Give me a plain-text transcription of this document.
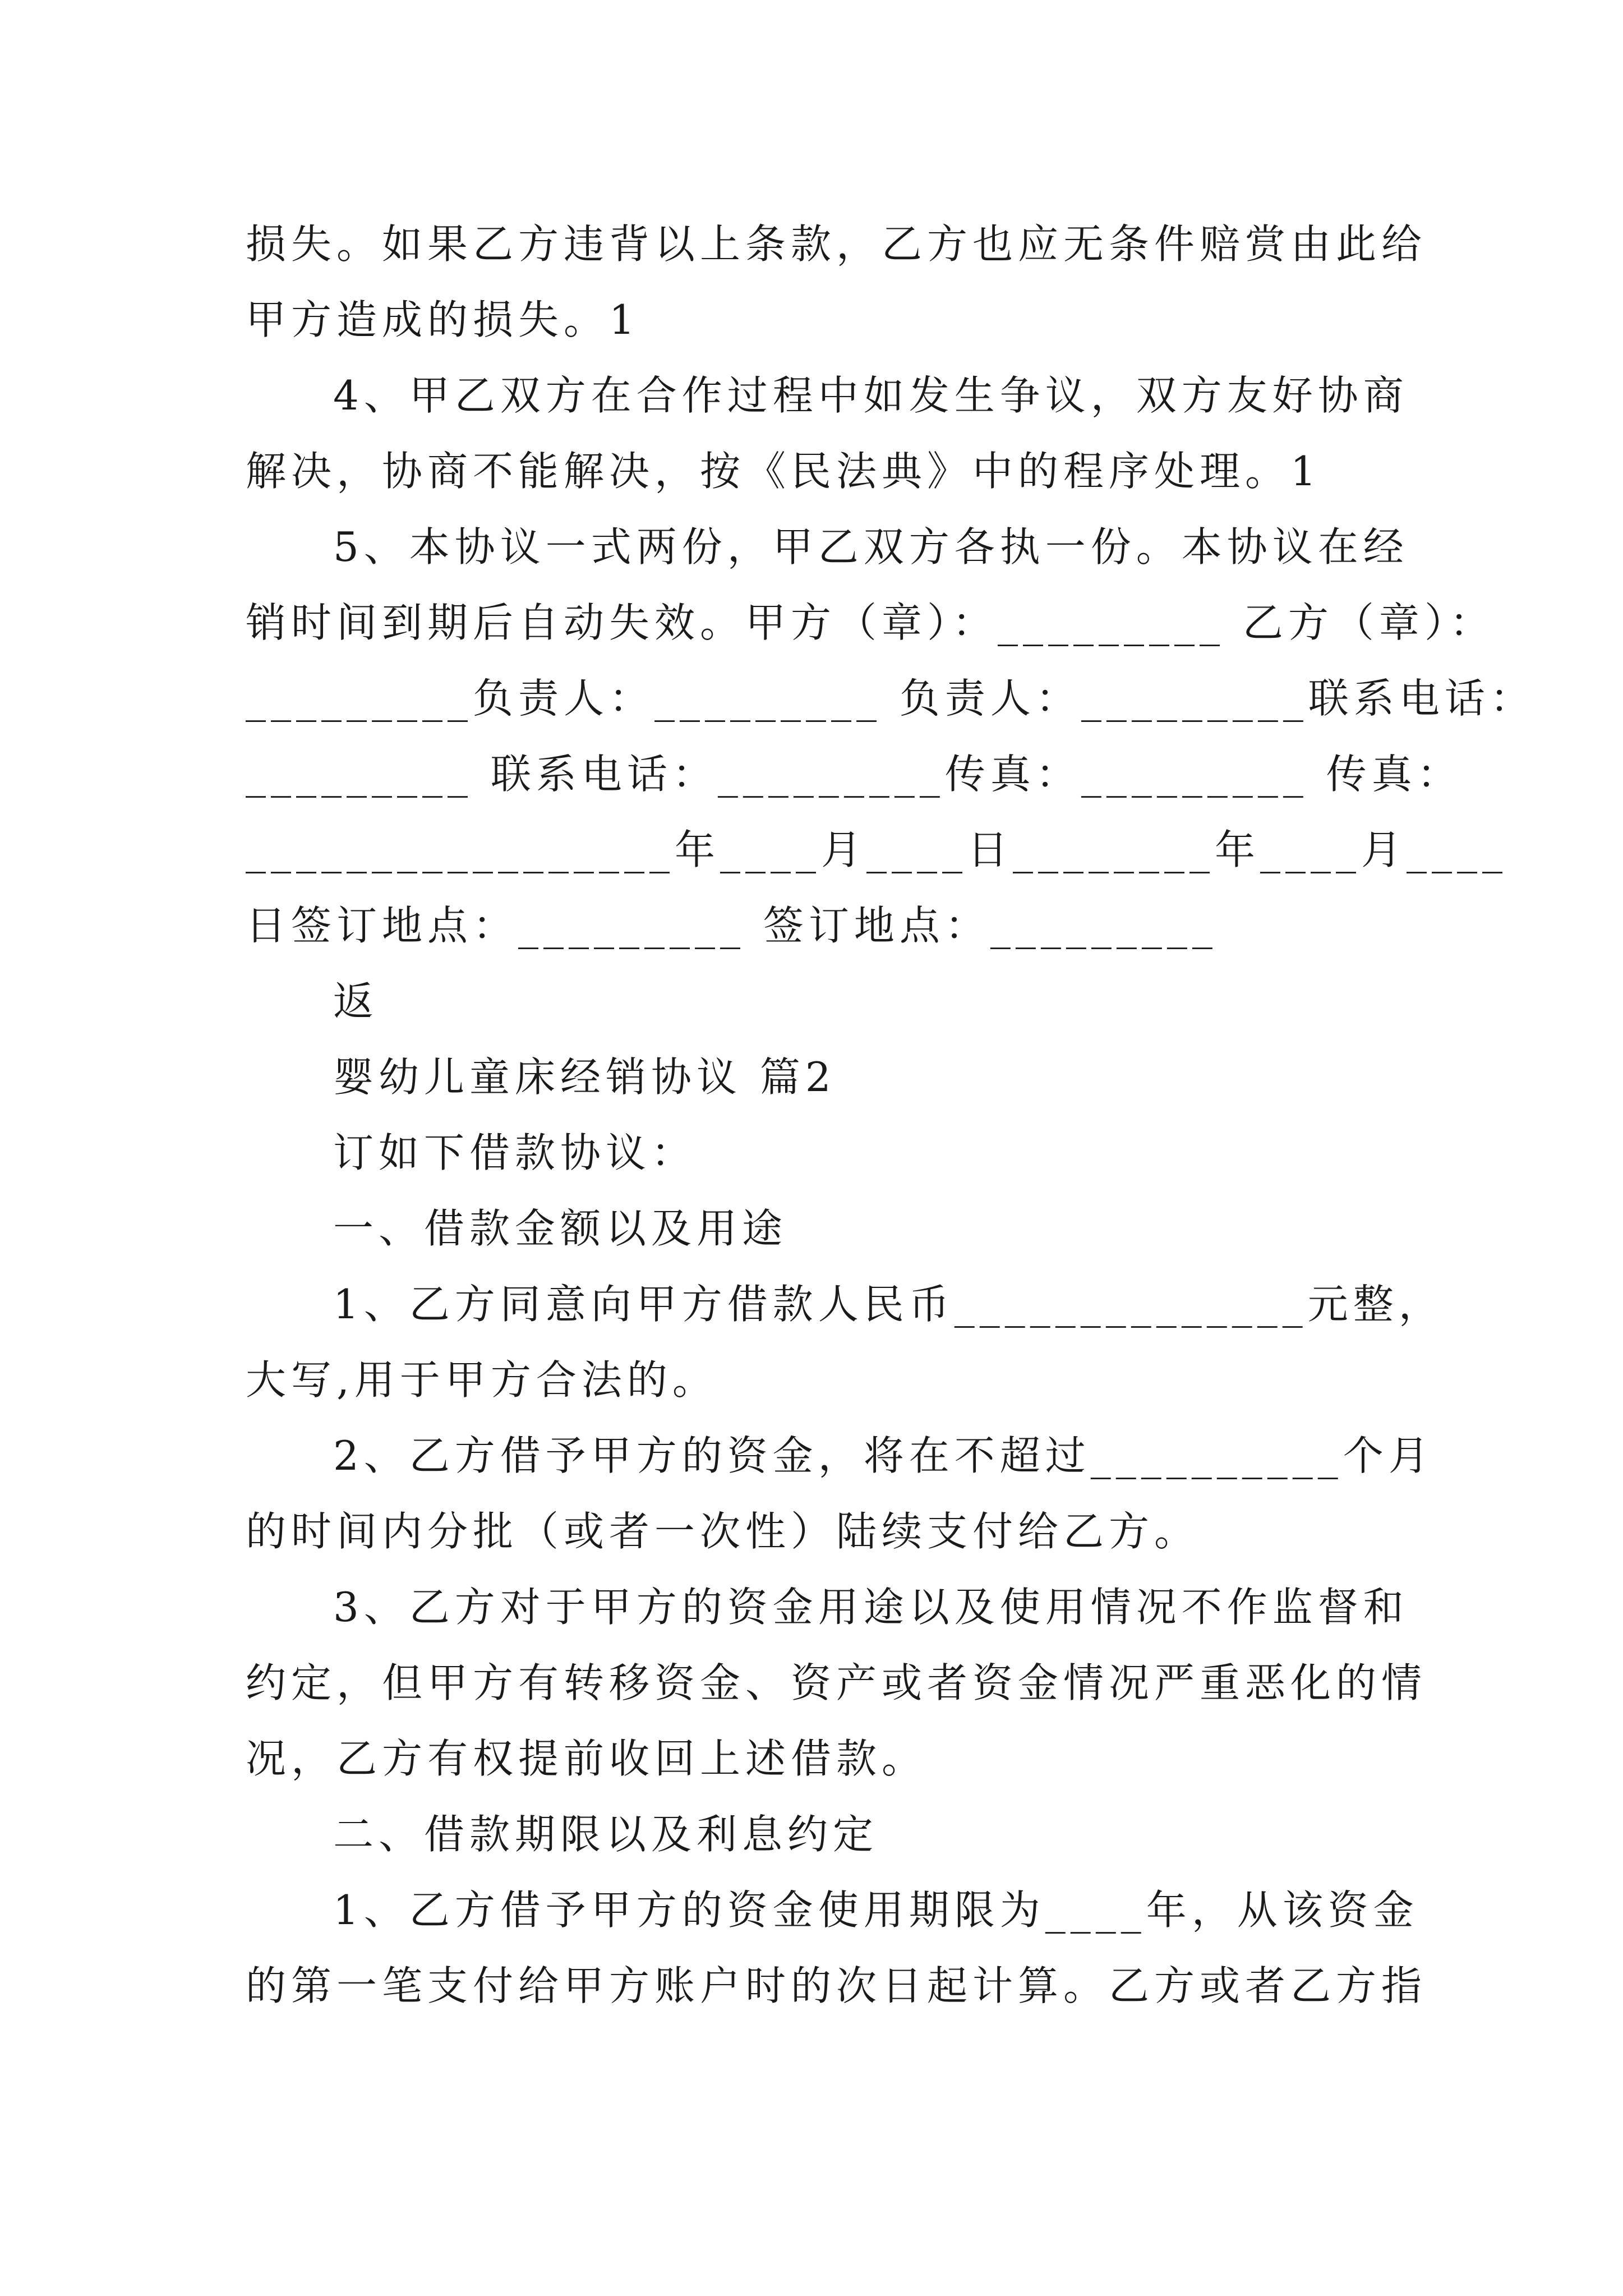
损失。如果乙方违背以上条款，乙方也应无条件赔赏由此给
甲方造成的损失。1
4、甲乙双方在合作过程中如发生争议，双方友好协商
解决，协商不能解决，按《民法典》中的程序处理。1
5、本协议一式两份，甲乙双方各执一份。本协议在经
销时间到期后自动失效。甲方（章）：_________ 乙方（章）：
_________负责人：_________ 负责人：_________联系电话：
_________ 联系电话：_________传真：_________ 传真：
_________________年____月____日________年____月____
日签订地点：_________ 签订地点：_________
返
婴幼儿童床经销协议 篇2
订如下借款协议：
一、借款金额以及用途
1、乙方同意向甲方借款人民币______________元整，
大写,用于甲方合法的。
2、乙方借予甲方的资金，将在不超过__________个月
的时间内分批（或者一次性）陆续支付给乙方。
3、乙方对于甲方的资金用途以及使用情况不作监督和
约定，但甲方有转移资金、资产或者资金情况严重恶化的情
况，乙方有权提前收回上述借款。
二、借款期限以及利息约定
1、乙方借予甲方的资金使用期限为____年，从该资金
的第一笔支付给甲方账户时的次日起计算。乙方或者乙方指
